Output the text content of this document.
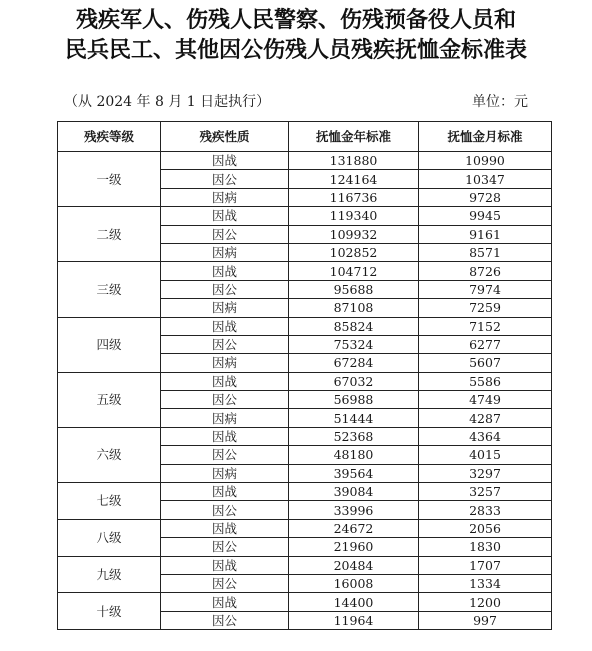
残疾军人、伤残人民警察、伤残预备役人员和
民兵民工、其他因公伤残人员残疾抚恤金标准表
（从 2024 年 8 月 1 日起执行）	单位：元
残疾等级	残疾性质	抚恤金年标准	抚恤金月标准
一级	因战	131880	10990
	因公	124164	10347
	因病	116736	9728
二级	因战	119340	9945
	因公	109932	9161
	因病	102852	8571
三级	因战	104712	8726
	因公	95688	7974
	因病	87108	7259
四级	因战	85824	7152
	因公	75324	6277
	因病	67284	5607
五级	因战	67032	5586
	因公	56988	4749
	因病	51444	4287
六级	因战	52368	4364
	因公	48180	4015
	因病	39564	3297
七级	因战	39084	3257
	因公	33996	2833
八级	因战	24672	2056
	因公	21960	1830
九级	因战	20484	1707
	因公	16008	1334
十级	因战	14400	1200
	因公	11964	997
